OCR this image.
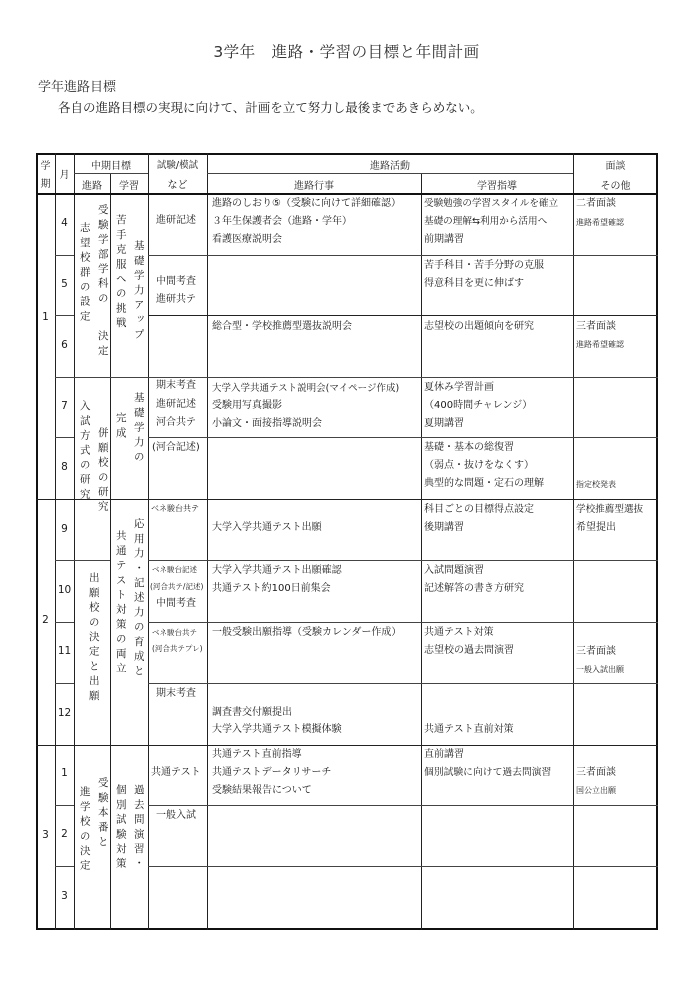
3学年　進路・学習の目標と年間計画
学年進路目標
各自の進路目標の実現に向けて、計画を立て努力し最後まであきらめない。
学
期
月
中期目標
進路	学習
試験/模試
など
進路活動
進路行事	学習指導
面談
その他
1
2
3
4
5
6
7
8
9
10
11
12
1
2
3
受験学部学科の
志望校群の設定
決定
苦手克服への挑戦 基礎学力アップ
入試方式の研究 併願校の研究 基礎学力の
完成
出願校の決定と出願 共通テスト対策の両立 応用力・記述力の育成と
進学校の決定 受験本番と 個別試験対策 過去問演習・
進研記述
中間考査
進研共テ
期末考査
進研記述
河合共テ
(河合記述)
ベネ駿台共テ
ベネ駿台記述
(河合共テ/記述)
中間考査
ベネ駿台共テ
(河合共テプレ)
期末考査
共通テスト
一般入試
進路のしおり⑤（受験に向けて詳細確認）
３年生保護者会（進路・学年）
看護医療説明会
総合型・学校推薦型選抜説明会
大学入学共通テスト説明会(マイページ作成)
受験用写真撮影
小論文・面接指導説明会
大学入学共通テスト出願
大学入学共通テスト出願確認
共通テスト約100日前集会
一般受験出願指導（受験カレンダー作成）
調査書交付願提出
大学入学共通テスト模擬体験
共通テスト直前指導
共通テストデータリサーチ
受験結果報告について
受験勉強の学習スタイルを確立
基礎の理解⇆利用から活用へ
前期講習
苦手科目・苦手分野の克服
得意科目を更に伸ばす
志望校の出題傾向を研究
夏休み学習計画
（400時間チャレンジ）
夏期講習
基礎・基本の総復習
（弱点・抜けをなくす）
典型的な問題・定石の理解
科目ごとの目標得点設定
後期講習
入試問題演習
記述解答の書き方研究
共通テスト対策
志望校の過去問演習
共通テスト直前対策
直前講習
個別試験に向けて過去問演習
二者面談
進路希望確認
三者面談
進路希望確認
指定校発表
学校推薦型選抜
希望提出
三者面談
一般入試出願
三者面談
国公立出願
